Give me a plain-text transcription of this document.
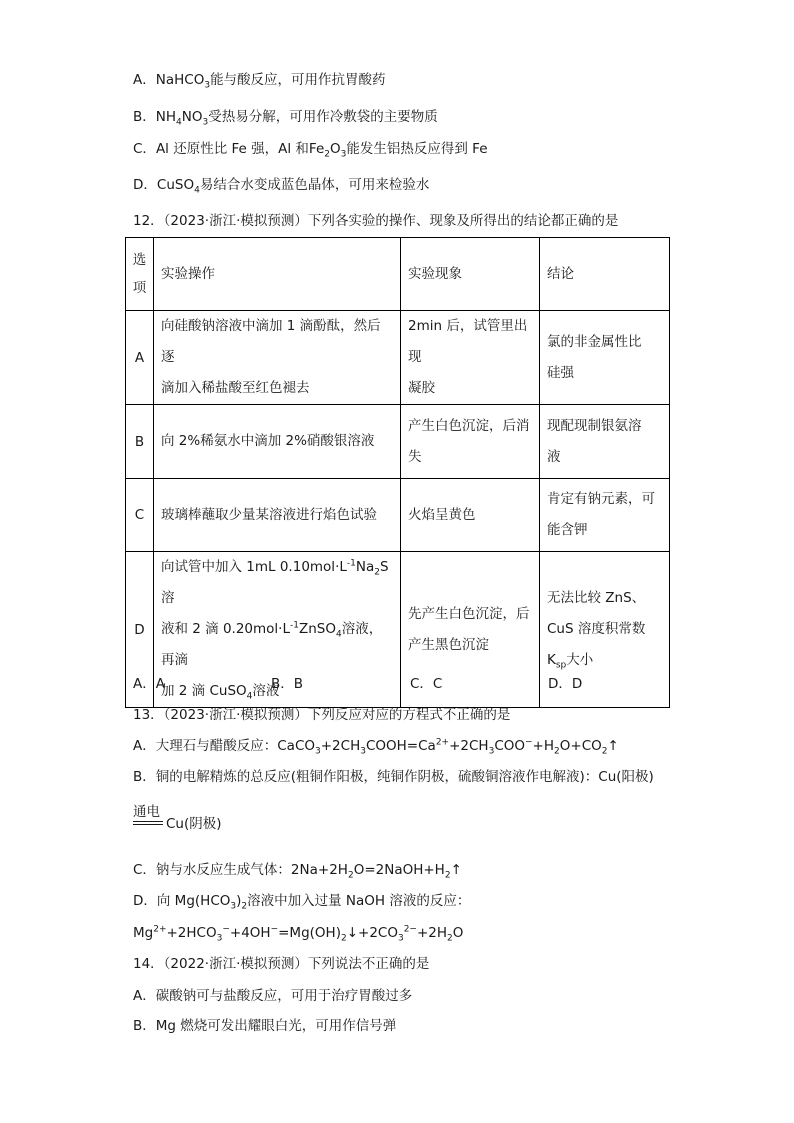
A．NaHCO$_3$能与酸反应，可用作抗胃酸药
B．$NH_4NO_3$受热易分解，可用作冷敷袋的主要物质
C．Al 还原性比 Fe 强，Al 和$Fe_2O_3$能发生铝热反应得到 Fe
D．CuSO$_4$易结合水变成蓝色晶体，可用来检验水
12．（2023·浙江·模拟预测）下列各实验的操作、现象及所得出的结论都正确的是
选
项	实验操作	实验现象	结论
A	向硅酸钠溶液中滴加 1 滴酚酞，然后逐
滴加入稀盐酸至红色褪去	2min 后，试管里出现
凝胶	氯的非金属性比
硅强
B	向 2%稀氨水中滴加 2%硝酸银溶液	产生白色沉淀，后消
失	现配现制银氨溶
液
C	玻璃棒蘸取少量某溶液进行焰色试验	火焰呈黄色	肯定有钠元素，可
能含钾
D	向试管中加入 1mL $0.10mol\cdot L^{-1}Na_2S$ 溶
液和 2 滴 $0.20mol\cdot L^{-1}ZnSO_4$溶液，再滴
加 2 滴 CuSO$_4$溶液	先产生白色沉淀，后
产生黑色沉淀	无法比较 ZnS、
CuS 溶度积常数
$K_{sp}$大小
A．A	B．B	C．C	D．D
13．（2023·浙江·模拟预测）下列反应对应的方程式不正确的是
A．大理石与醋酸反应：$CaCO_3+2CH_3COOH=Ca^{2+}+2CH_3COO^-+H_2O+CO_2↑$
B．铜的电解精炼的总反应(粗铜作阳极，纯铜作阴极，硫酸铜溶液作电解液)：Cu(阳极)
通电
Cu(阴极)
C．钠与水反应生成气体：$2Na+2H_2O=2NaOH+H_2↑$
D．向 $Mg(HCO_3)_2$溶液中加入过量 NaOH 溶液的反应：
$Mg^{2+}+2HCO_3^-+4OH^-=Mg(OH)_2↓+2CO_3^{2-}+2H_2O$
14．（2022·浙江·模拟预测）下列说法不正确的是
A．碳酸钠可与盐酸反应，可用于治疗胃酸过多
B．Mg 燃烧可发出耀眼白光，可用作信号弹
